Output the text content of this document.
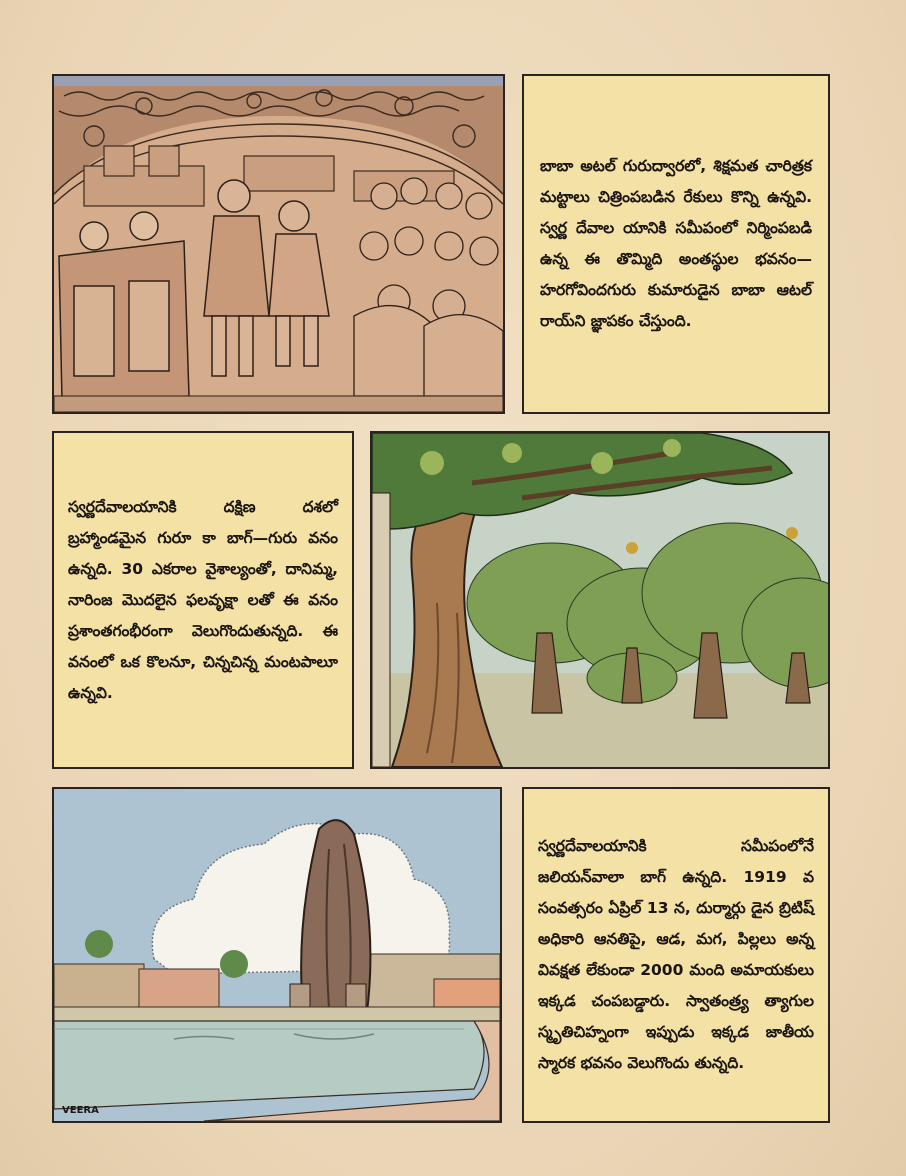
బాబా అటల్ గురుద్వారలో, శిక్షమత చారిత్రక మట్టాలు చిత్రింపబడిన రేకులు కొన్ని ఉన్నవి. స్వర్ణ దేవాల యానికి సమీపంలో నిర్మింపబడి ఉన్న ఈ తొమ్మిది అంతస్థుల భవనం—హరగోవిందగురు కుమారుడైన బాబా ఆటల్ రాయ్‌ని జ్ఞాపకం చేస్తుంది.

స్వర్ణదేవాలయానికి దక్షిణ దశలో బ్రహ్మాండమైన గురూ కా బాగ్—గురు వనం ఉన్నది. 30 ఎకరాల వైశాల్యంతో, దానిమ్మ, నారింజ మొదలైన ఫలవృక్షా లతో ఈ వనం ప్రశాంతగంభీరంగా వెలుగొందుతున్నది. ఈ వనంలో ఒక కొలనూ, చిన్నచిన్న మంటపాలూ ఉన్నవి.

VEERA

స్వర్ణదేవాలయానికి సమీపంలోనే జలియన్‌వాలా బాగ్ ఉన్నది. 1919 వ సంవత్సరం ఏప్రిల్ 13 న, దుర్మార్గు డైన బ్రిటిష్ అధికారి ఆనతిపై, ఆడ, మగ, పిల్లలు అన్న వివక్షత లేకుండా 2000 మంది అమాయకులు ఇక్కడ చంపబడ్డారు. స్వాతంత్ర్య త్యాగుల స్మృతిచిహ్నంగా ఇప్పుడు ఇక్కడ జాతీయ స్మారక భవనం వెలుగొందు తున్నది.
